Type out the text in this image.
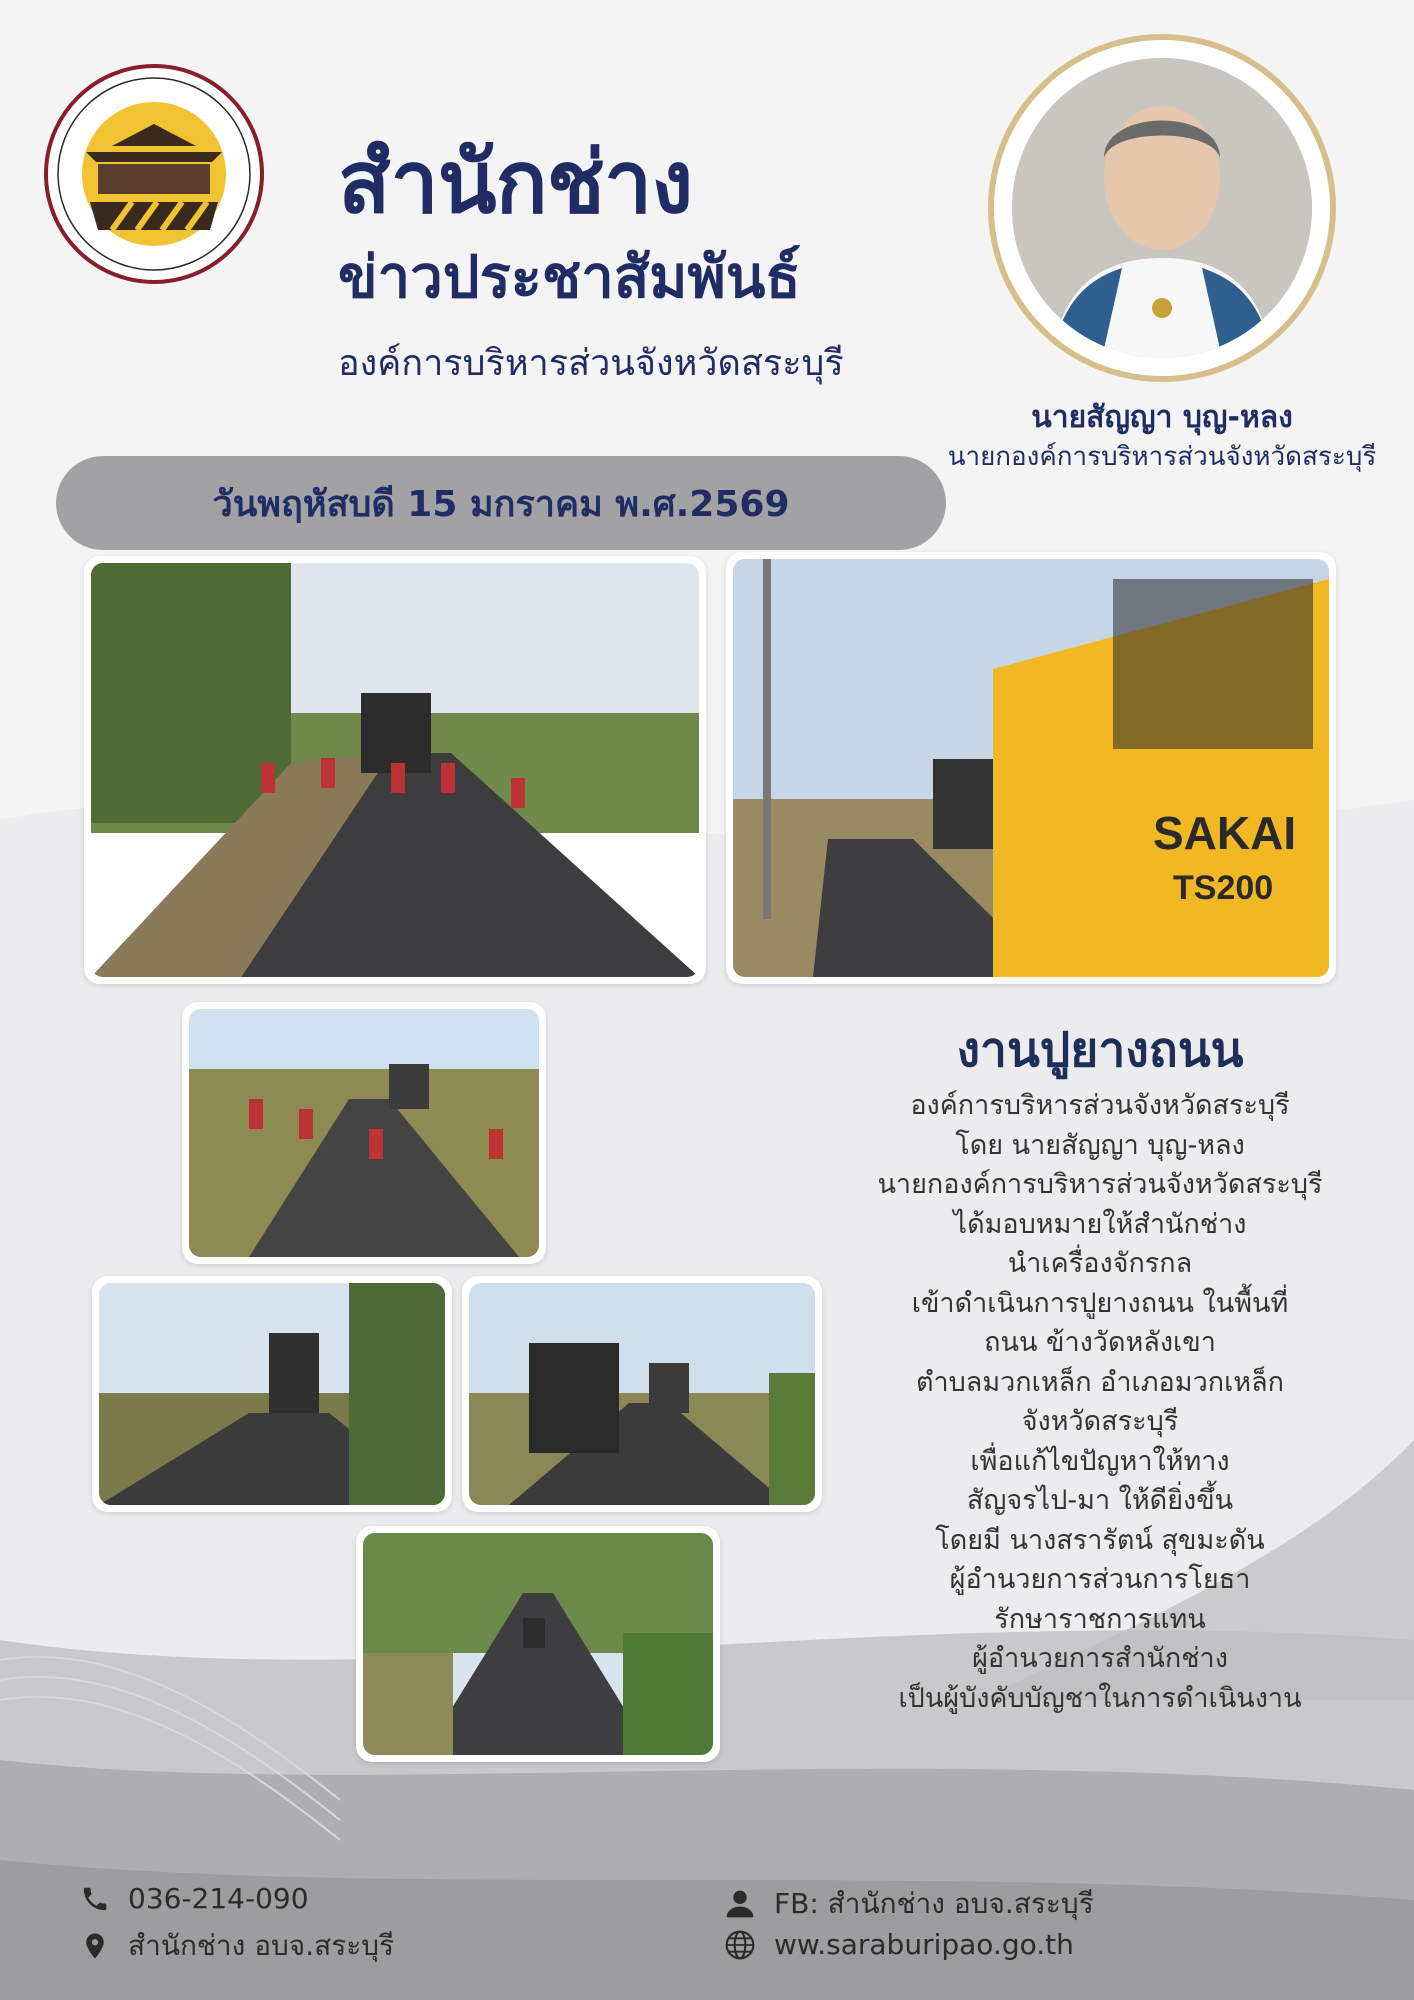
สำนักช่าง
ข่าวประชาสัมพันธ์
องค์การบริหารส่วนจังหวัดสระบุรี
นายสัญญา บุญ-หลง
นายกองค์การบริหารส่วนจังหวัดสระบุรี
วันพฤหัสบดี 15 มกราคม พ.ศ.2569
SAKAI
TS200
งานปูยางถนน
องค์การบริหารส่วนจังหวัดสระบุรี
โดย นายสัญญา บุญ-หลง
นายกองค์การบริหารส่วนจังหวัดสระบุรี
ได้มอบหมายให้สำนักช่าง
นำเครื่องจักรกล
เข้าดำเนินการปูยางถนน ในพื้นที่
ถนน ข้างวัดหลังเขา
ตำบลมวกเหล็ก อำเภอมวกเหล็ก
จังหวัดสระบุรี
เพื่อแก้ไขปัญหาให้ทาง
สัญจรไป-มา ให้ดียิ่งขึ้น
โดยมี นางสรารัตน์ สุขมะดัน
ผู้อำนวยการส่วนการโยธา
รักษาราชการแทน
ผู้อำนวยการสำนักช่าง
เป็นผู้บังคับบัญชาในการดำเนินงาน
036-214-090
สำนักช่าง อบจ.สระบุรี
FB: สำนักช่าง อบจ.สระบุรี
ww.saraburipao.go.th
